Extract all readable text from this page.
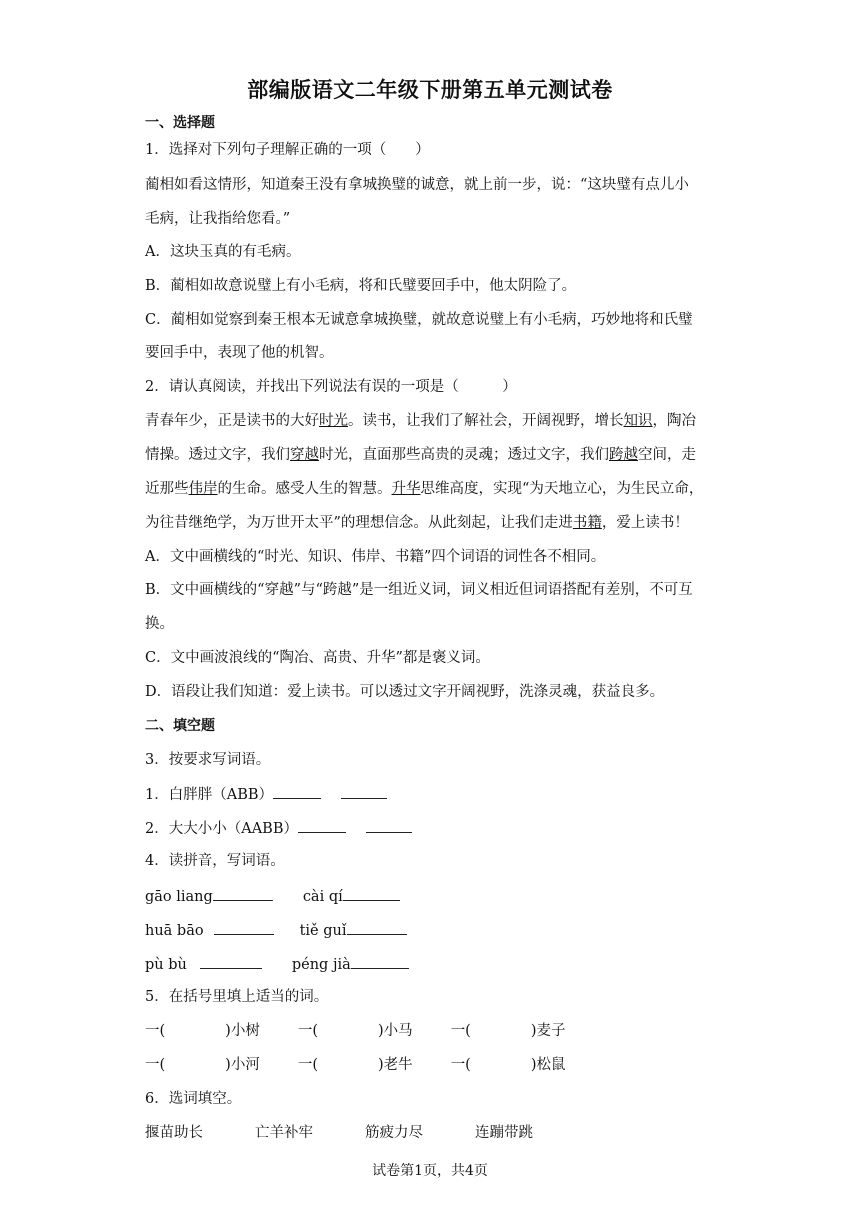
部编版语文二年级下册第五单元测试卷
一、选择题
1．选择对下列句子理解正确的一项（　　）
蔺相如看这情形，知道秦王没有拿城换璧的诚意，就上前一步，说：“这块璧有点儿小
毛病，让我指给您看。”
A．这块玉真的有毛病。
B．蔺相如故意说璧上有小毛病，将和氏璧要回手中，他太阴险了。
C．蔺相如觉察到秦王根本无诚意拿城换璧，就故意说璧上有小毛病，巧妙地将和氏璧
要回手中，表现了他的机智。
2．请认真阅读，并找出下列说法有误的一项是（　　　）
青春年少，正是读书的大好时光。读书，让我们了解社会，开阔视野，增长知识，陶冶
情操。透过文字，我们穿越时光，直面那些高贵的灵魂；透过文字，我们跨越空间，走
近那些伟岸的生命。感受人生的智慧。升华思维高度，实现“为天地立心，为生民立命，
为往昔继绝学，为万世开太平”的理想信念。从此刻起，让我们走进书籍，爱上读书！
A．文中画横线的“时光、知识、伟岸、书籍”四个词语的词性各不相同。
B．文中画横线的“穿越”与“跨越”是一组近义词，词义相近但词语搭配有差别，不可互
换。
C．文中画波浪线的“陶冶、高贵、升华”都是褒义词。
D．语段让我们知道：爱上读书。可以透过文字开阔视野，洗涤灵魂，获益良多。
二、填空题
3．按要求写词语。
1．白胖胖（ABB）
2．大大小小（AABB）
4．读拼音，写词语。
gāo liang	cài qí
huā bāo	tiě guǐ
pù bù	péng jià
5．在括号里填上适当的词。
一(	)小树	一(	)小马	一(	)麦子
一(	)小河	一(	)老牛	一(	)松鼠
6．选词填空。
揠苗助长	亡羊补牢	筋疲力尽	连蹦带跳
试卷第1页，共4页
